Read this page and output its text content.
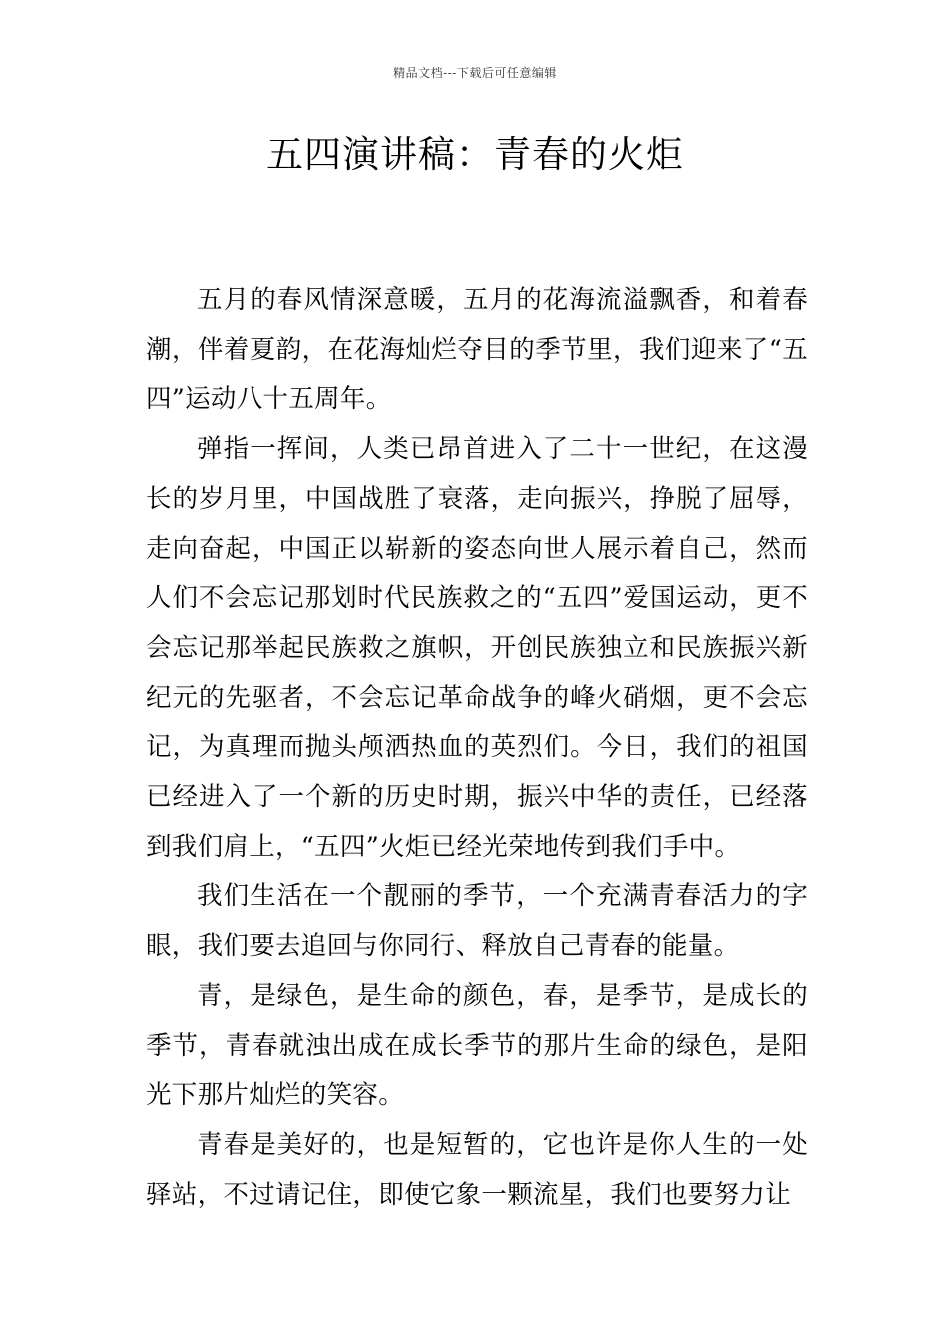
精品文档---下载后可任意编辑
五四演讲稿：青春的火炬

五月的春风情深意暖，五月的花海流溢飘香，和着春潮，伴着夏韵，在花海灿烂夺目的季节里，我们迎来了“五四”运动八十五周年。

弹指一挥间，人类已昂首进入了二十一世纪，在这漫长的岁月里，中国战胜了衰落，走向振兴，挣脱了屈辱，走向奋起，中国正以崭新的姿态向世人展示着自己，然而人们不会忘记那划时代民族救之的“五四”爱国运动，更不会忘记那举起民族救之旗帜，开创民族独立和民族振兴新纪元的先驱者，不会忘记革命战争的峰火硝烟，更不会忘记，为真理而抛头颅洒热血的英烈们。今日，我们的祖国已经进入了一个新的历史时期，振兴中华的责任，已经落到我们肩上，“五四”火炬已经光荣地传到我们手中。

我们生活在一个靓丽的季节，一个充满青春活力的字眼，我们要去追回与你同行、释放自己青春的能量。

青，是绿色，是生命的颜色，春，是季节，是成长的季节，青春就浊出成在成长季节的那片生命的绿色，是阳光下那片灿烂的笑容。

青春是美好的，也是短暂的，它也许是你人生的一处驿站，不过请记住，即使它象一颗流星，我们也要努力让
